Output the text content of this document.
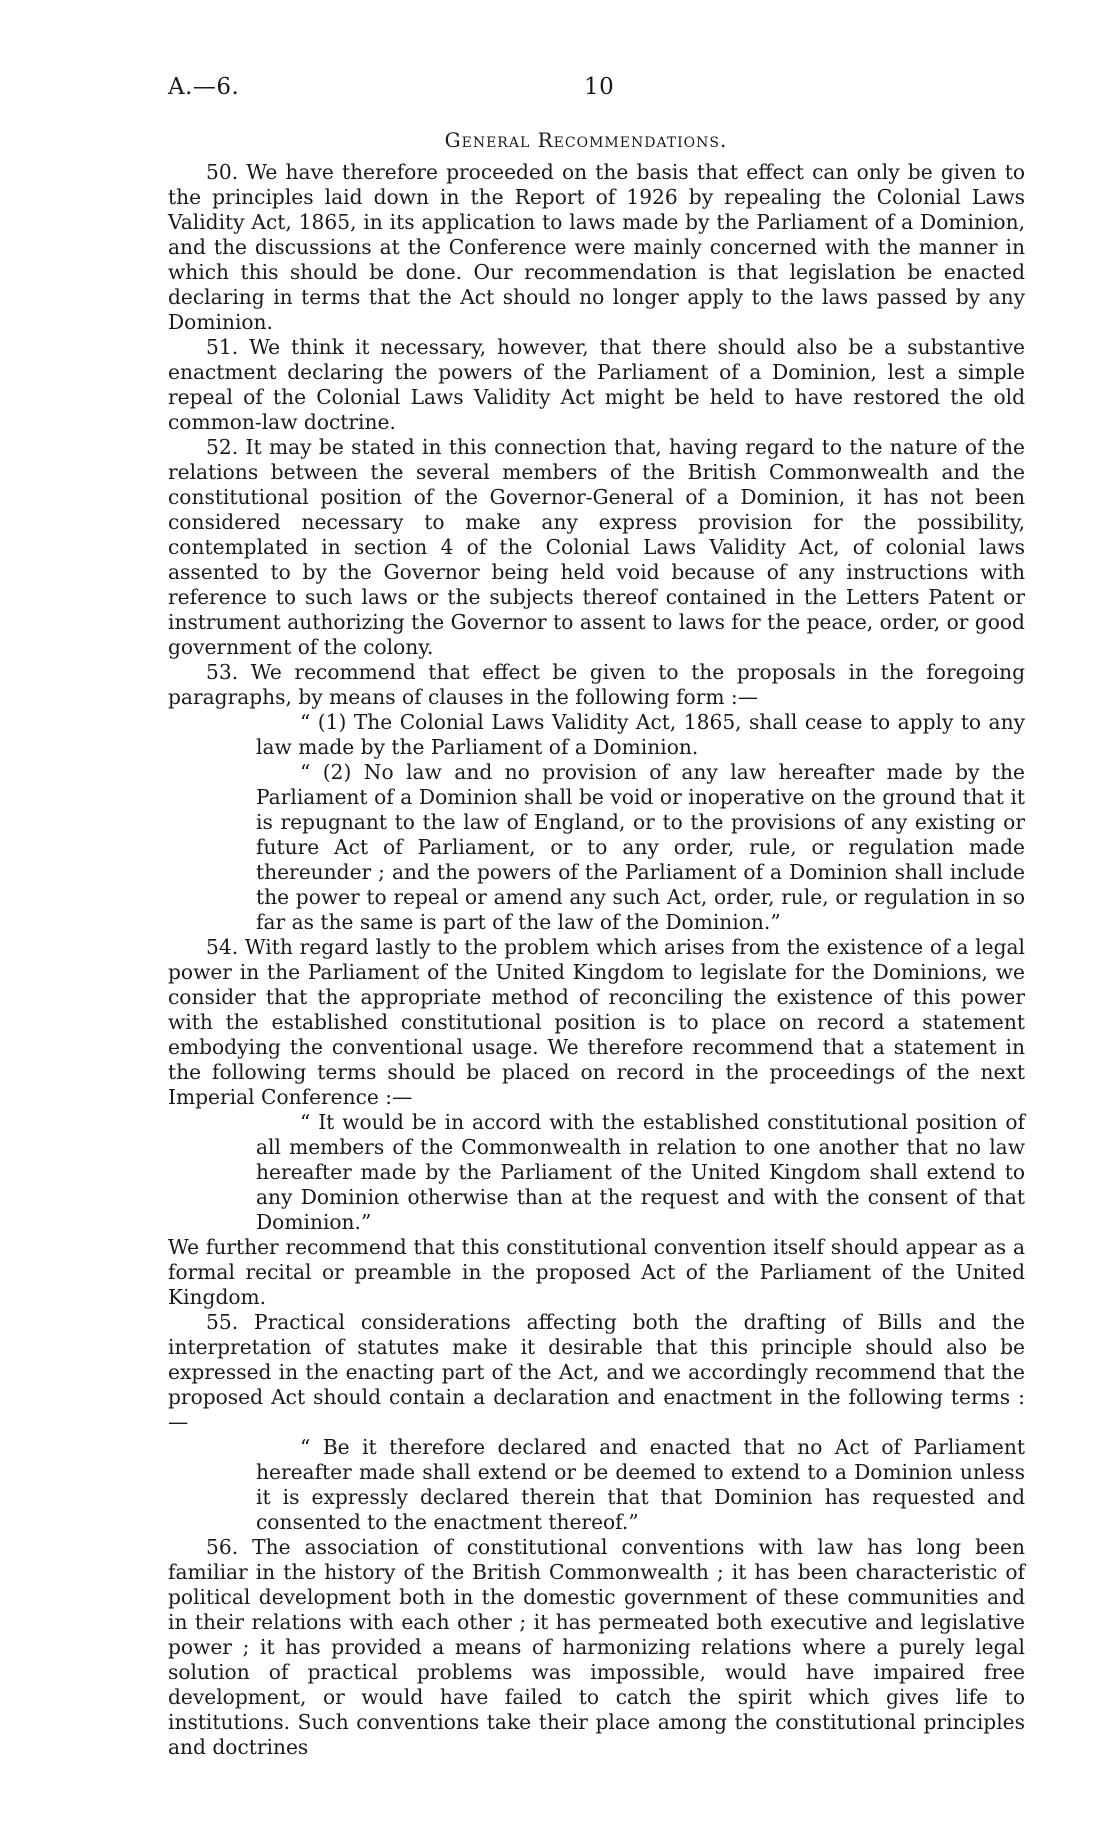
A.—6.	10
General Recommendations.

50. We have therefore proceeded on the basis that effect can only be given to the principles laid down in the Report of 1926 by repealing the Colonial Laws Validity Act, 1865, in its application to laws made by the Parliament of a Dominion, and the discussions at the Conference were mainly concerned with the manner in which this should be done. Our recommendation is that legislation be enacted declaring in terms that the Act should no longer apply to the laws passed by any Dominion.

51. We think it necessary, however, that there should also be a substantive enactment declaring the powers of the Parliament of a Dominion, lest a simple repeal of the Colonial Laws Validity Act might be held to have restored the old common-law doctrine.

52. It may be stated in this connection that, having regard to the nature of the relations between the several members of the British Commonwealth and the constitutional position of the Governor-General of a Dominion, it has not been considered necessary to make any express provision for the possibility, contemplated in section 4 of the Colonial Laws Validity Act, of colonial laws assented to by the Governor being held void because of any instructions with reference to such laws or the subjects thereof contained in the Letters Patent or instrument authorizing the Governor to assent to laws for the peace, order, or good government of the colony.

53. We recommend that effect be given to the proposals in the foregoing paragraphs, by means of clauses in the following form :—

“ (1) The Colonial Laws Validity Act, 1865, shall cease to apply to any law made by the Parliament of a Dominion.

“ (2) No law and no provision of any law hereafter made by the Parliament of a Dominion shall be void or inoperative on the ground that it is repugnant to the law of England, or to the provisions of any existing or future Act of Parliament, or to any order, rule, or regulation made thereunder ; and the powers of the Parliament of a Dominion shall include the power to repeal or amend any such Act, order, rule, or regulation in so far as the same is part of the law of the Dominion.”

54. With regard lastly to the problem which arises from the existence of a legal power in the Parliament of the United Kingdom to legislate for the Dominions, we consider that the appropriate method of reconciling the existence of this power with the established constitutional position is to place on record a statement embodying the conventional usage. We therefore recommend that a statement in the following terms should be placed on record in the proceedings of the next Imperial Conference :—

“ It would be in accord with the established constitutional position of all members of the Commonwealth in relation to one another that no law hereafter made by the Parliament of the United Kingdom shall extend to any Dominion otherwise than at the request and with the consent of that Dominion.”

We further recommend that this constitutional convention itself should appear as a formal recital or preamble in the proposed Act of the Parliament of the United Kingdom.

55. Practical considerations affecting both the drafting of Bills and the interpretation of statutes make it desirable that this principle should also be expressed in the enacting part of the Act, and we accordingly recommend that the proposed Act should contain a declaration and enactment in the following terms :—

“ Be it therefore declared and enacted that no Act of Parliament hereafter made shall extend or be deemed to extend to a Dominion unless it is expressly declared therein that that Dominion has requested and consented to the enactment thereof.”

56. The association of constitutional conventions with law has long been familiar in the history of the British Commonwealth ; it has been characteristic of political development both in the domestic government of these communities and in their relations with each other ; it has permeated both executive and legislative power ; it has provided a means of harmonizing relations where a purely legal solution of practical problems was impossible, would have impaired free development, or would have failed to catch the spirit which gives life to institutions. Such conventions take their place among the constitutional principles and doctrines
